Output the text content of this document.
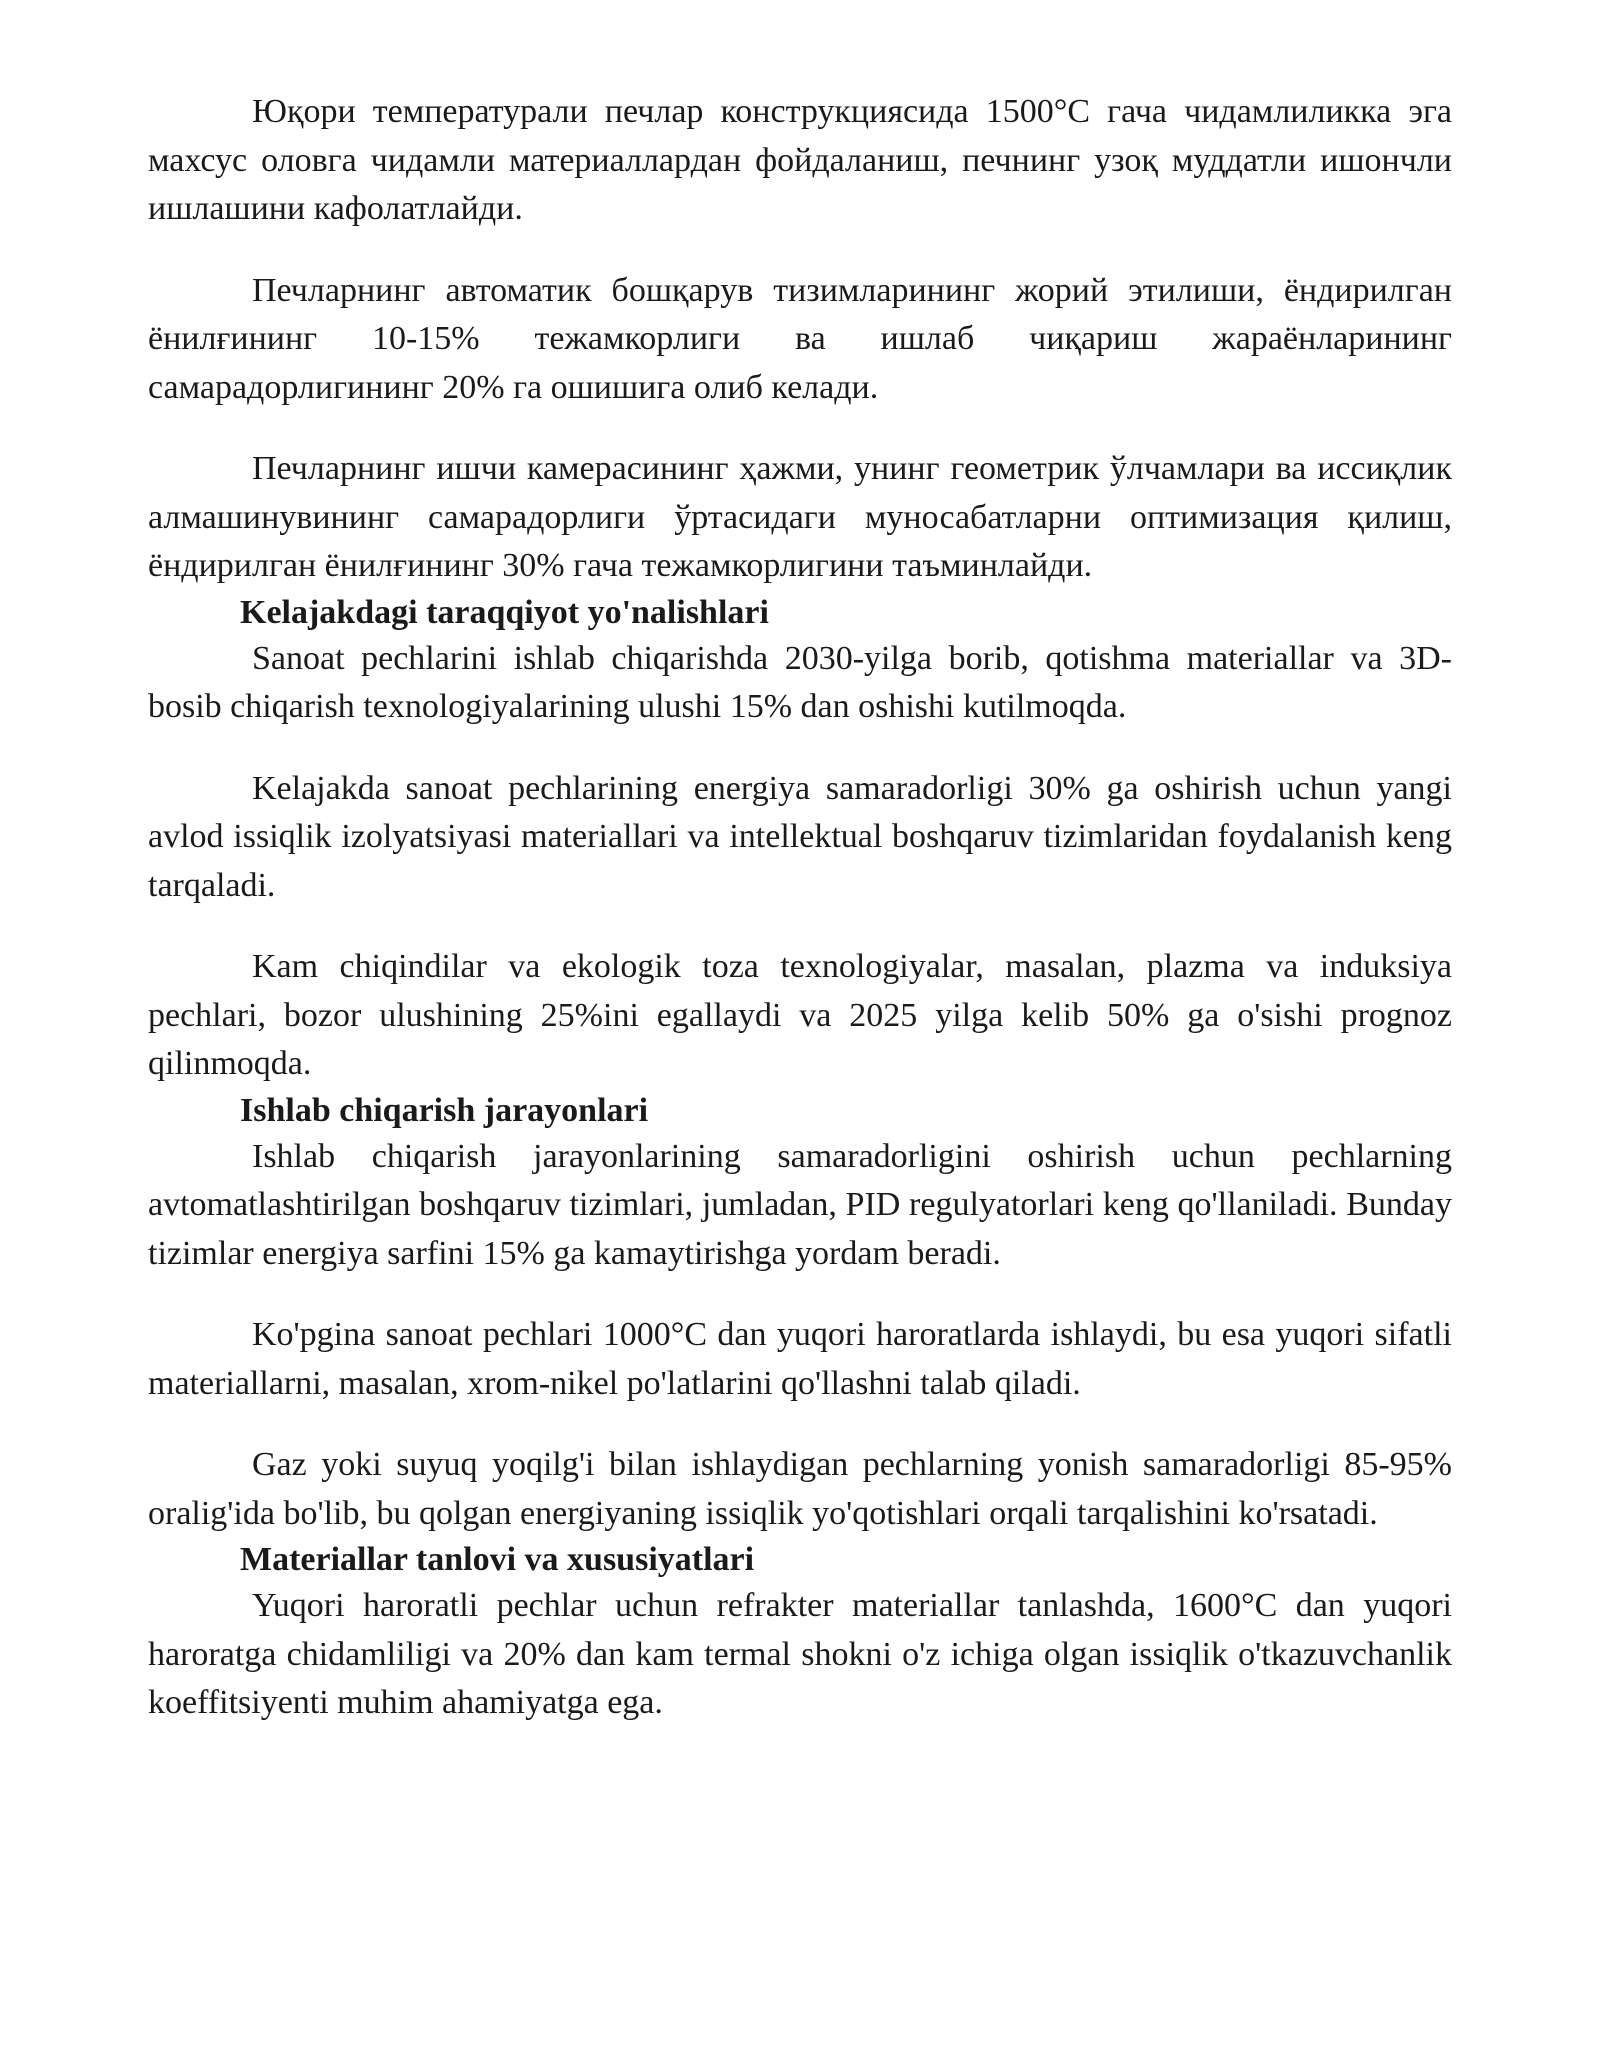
Юқори температурали печлар конструкциясида 1500°C гача чидамлиликка эга махсус оловга чидамли материаллардан фойдаланиш, печнинг узоқ муддатли ишончли ишлашини кафолатлайди.

Печларнинг автоматик бошқарув тизимларининг жорий этилиши, ёндирилган ёнилғининг 10-15% тежамкорлиги ва ишлаб чиқариш жараёнларининг самарадорлигининг 20% га ошишига олиб келади.

Печларнинг ишчи камерасининг ҳажми, унинг геометрик ўлчамлари ва иссиқлик алмашинувининг самарадорлиги ўртасидаги муносабатларни оптимизация қилиш, ёндирилган ёнилғининг 30% гача тежамкорлигини таъминлайди.

Kelajakdagi taraqqiyot yo'nalishlari

Sanoat pechlarini ishlab chiqarishda 2030-yilga borib, qotishma materiallar va 3D-bosib chiqarish texnologiyalarining ulushi 15% dan oshishi kutilmoqda.

Kelajakda sanoat pechlarining energiya samaradorligi 30% ga oshirish uchun yangi avlod issiqlik izolyatsiyasi materiallari va intellektual boshqaruv tizimlaridan foydalanish keng tarqaladi.

Kam chiqindilar va ekologik toza texnologiyalar, masalan, plazma va induksiya pechlari, bozor ulushining 25%ini egallaydi va 2025 yilga kelib 50% ga o'sishi prognoz qilinmoqda.

Ishlab chiqarish jarayonlari

Ishlab chiqarish jarayonlarining samaradorligini oshirish uchun pechlarning avtomatlashtirilgan boshqaruv tizimlari, jumladan, PID regulyatorlari keng qo'llaniladi. Bunday tizimlar energiya sarfini 15% ga kamaytirishga yordam beradi.

Ko'pgina sanoat pechlari 1000°C dan yuqori haroratlarda ishlaydi, bu esa yuqori sifatli materiallarni, masalan, xrom-nikel po'latlarini qo'llashni talab qiladi.

Gaz yoki suyuq yoqilg'i bilan ishlaydigan pechlarning yonish samaradorligi 85-95% oralig'ida bo'lib, bu qolgan energiyaning issiqlik yo'qotishlari orqali tarqalishini ko'rsatadi.

Materiallar tanlovi va xususiyatlari

Yuqori haroratli pechlar uchun refrakter materiallar tanlashda, 1600°C dan yuqori haroratga chidamliligi va 20% dan kam termal shokni o'z ichiga olgan issiqlik o'tkazuvchanlik koeffitsiyenti muhim ahamiyatga ega.
